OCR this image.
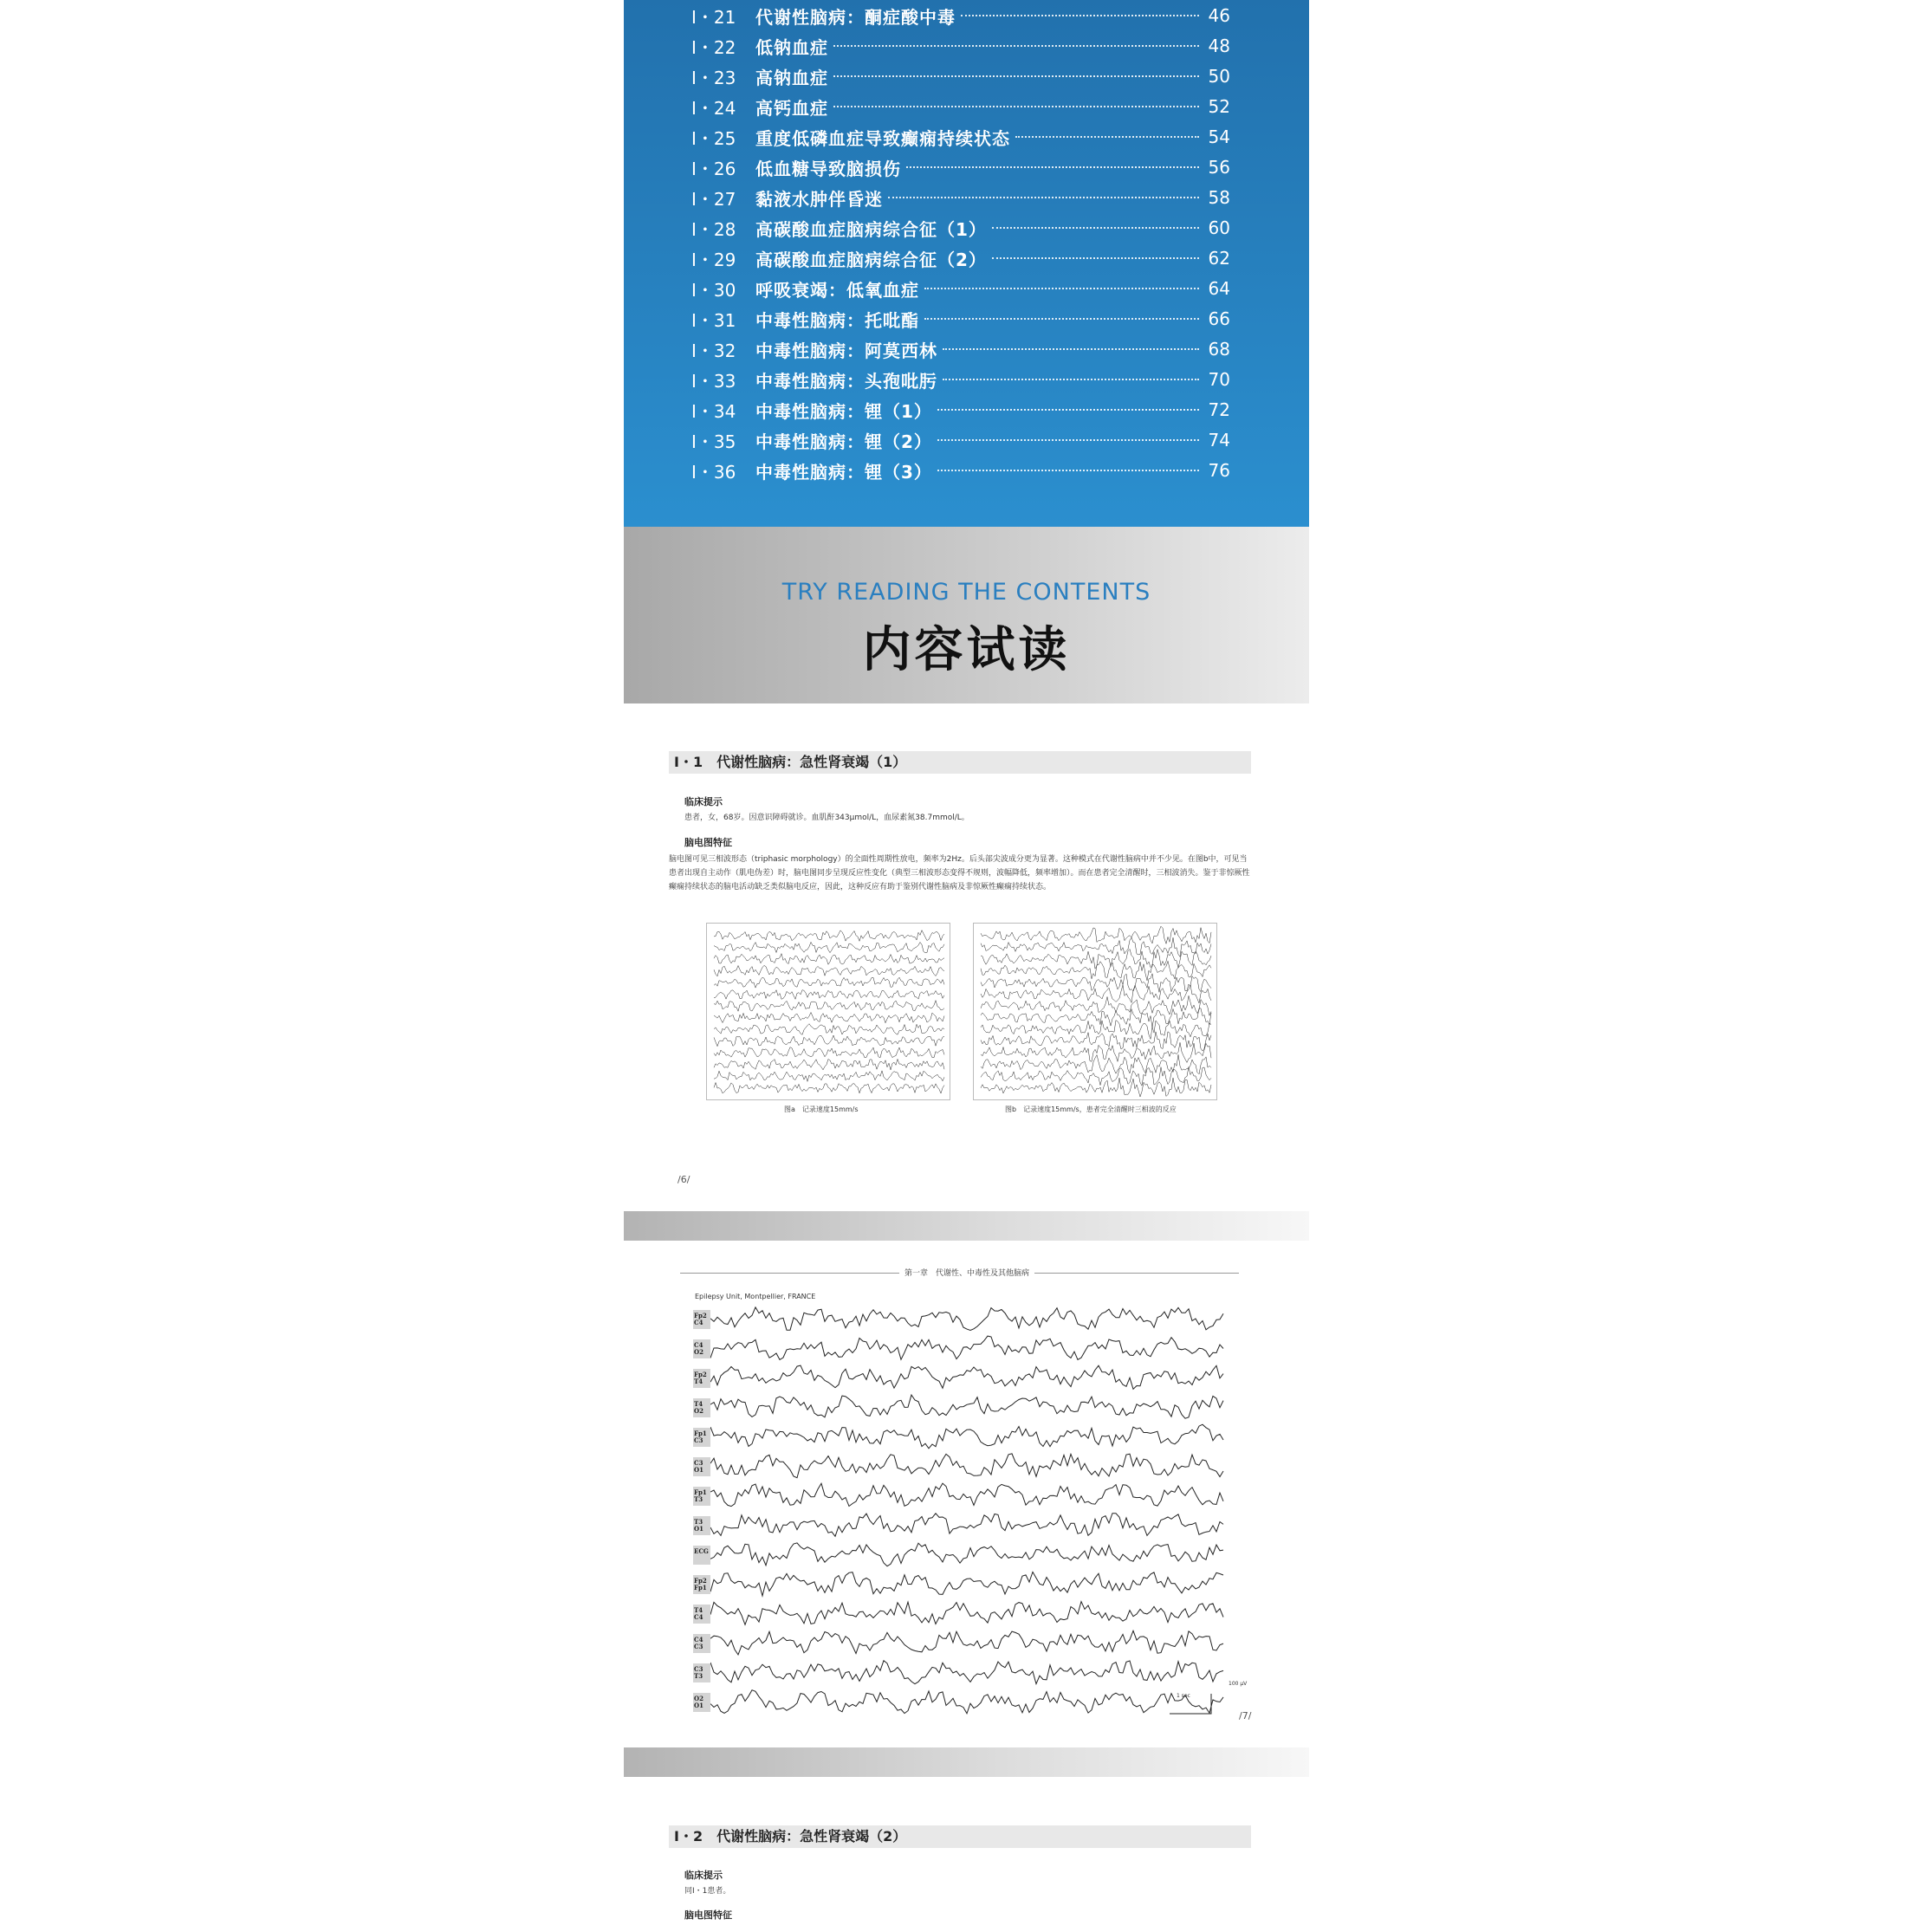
Ⅰ・21	代谢性脑病：酮症酸中毒	46
Ⅰ・22	低钠血症	48
Ⅰ・23	高钠血症	50
Ⅰ・24	高钙血症	52
Ⅰ・25	重度低磷血症导致癫痫持续状态	54
Ⅰ・26	低血糖导致脑损伤	56
Ⅰ・27	黏液水肿伴昏迷	58
Ⅰ・28	高碳酸血症脑病综合征（1）	60
Ⅰ・29	高碳酸血症脑病综合征（2）	62
Ⅰ・30	呼吸衰竭：低氧血症	64
Ⅰ・31	中毒性脑病：托吡酯	66
Ⅰ・32	中毒性脑病：阿莫西林	68
Ⅰ・33	中毒性脑病：头孢吡肟	70
Ⅰ・34	中毒性脑病：锂（1）	72
Ⅰ・35	中毒性脑病：锂（2）	74
Ⅰ・36	中毒性脑病：锂（3）	76
TRY READING THE CONTENTS
内容试读
Ⅰ・1　代谢性脑病：急性肾衰竭（1）
临床提示
患者，女，68岁。因意识障碍就诊。血肌酐343μmol/L，血尿素氮38.7mmol/L。
脑电图特征
脑电图可见三相波形态（triphasic morphology）的全面性周期性放电，频率为2Hz。后头部尖波成分更为显著。这种模式在代谢性脑病中并不少见。在图b中，可见当患者出现自主动作（肌电伪差）时，脑电图同步呈现反应性变化（典型三相波形态变得不规则，波幅降低，频率增加）。而在患者完全清醒时，三相波消失。鉴于非惊厥性癫痫持续状态的脑电活动缺乏类似脑电反应，因此，这种反应有助于鉴别代谢性脑病及非惊厥性癫痫持续状态。
图a　记录速度15mm/s	图b　记录速度15mm/s，患者完全清醒时三相波的反应
/6/
第一章　代谢性、中毒性及其他脑病
Epilepsy Unit, Montpellier, FRANCE
Fp2 C4
C4 O2
Fp2 T4
T4 O2
Fp1 C3
C3 O1
Fp1 T3
T3 O1
ECG
Fp2 Fp1
T4 C4
C4 C3
C3 T3
O2 O1
1 sec
100 µV
/7/
Ⅰ・2　代谢性脑病：急性肾衰竭（2）
临床提示
同Ⅰ・1患者。
脑电图特征
